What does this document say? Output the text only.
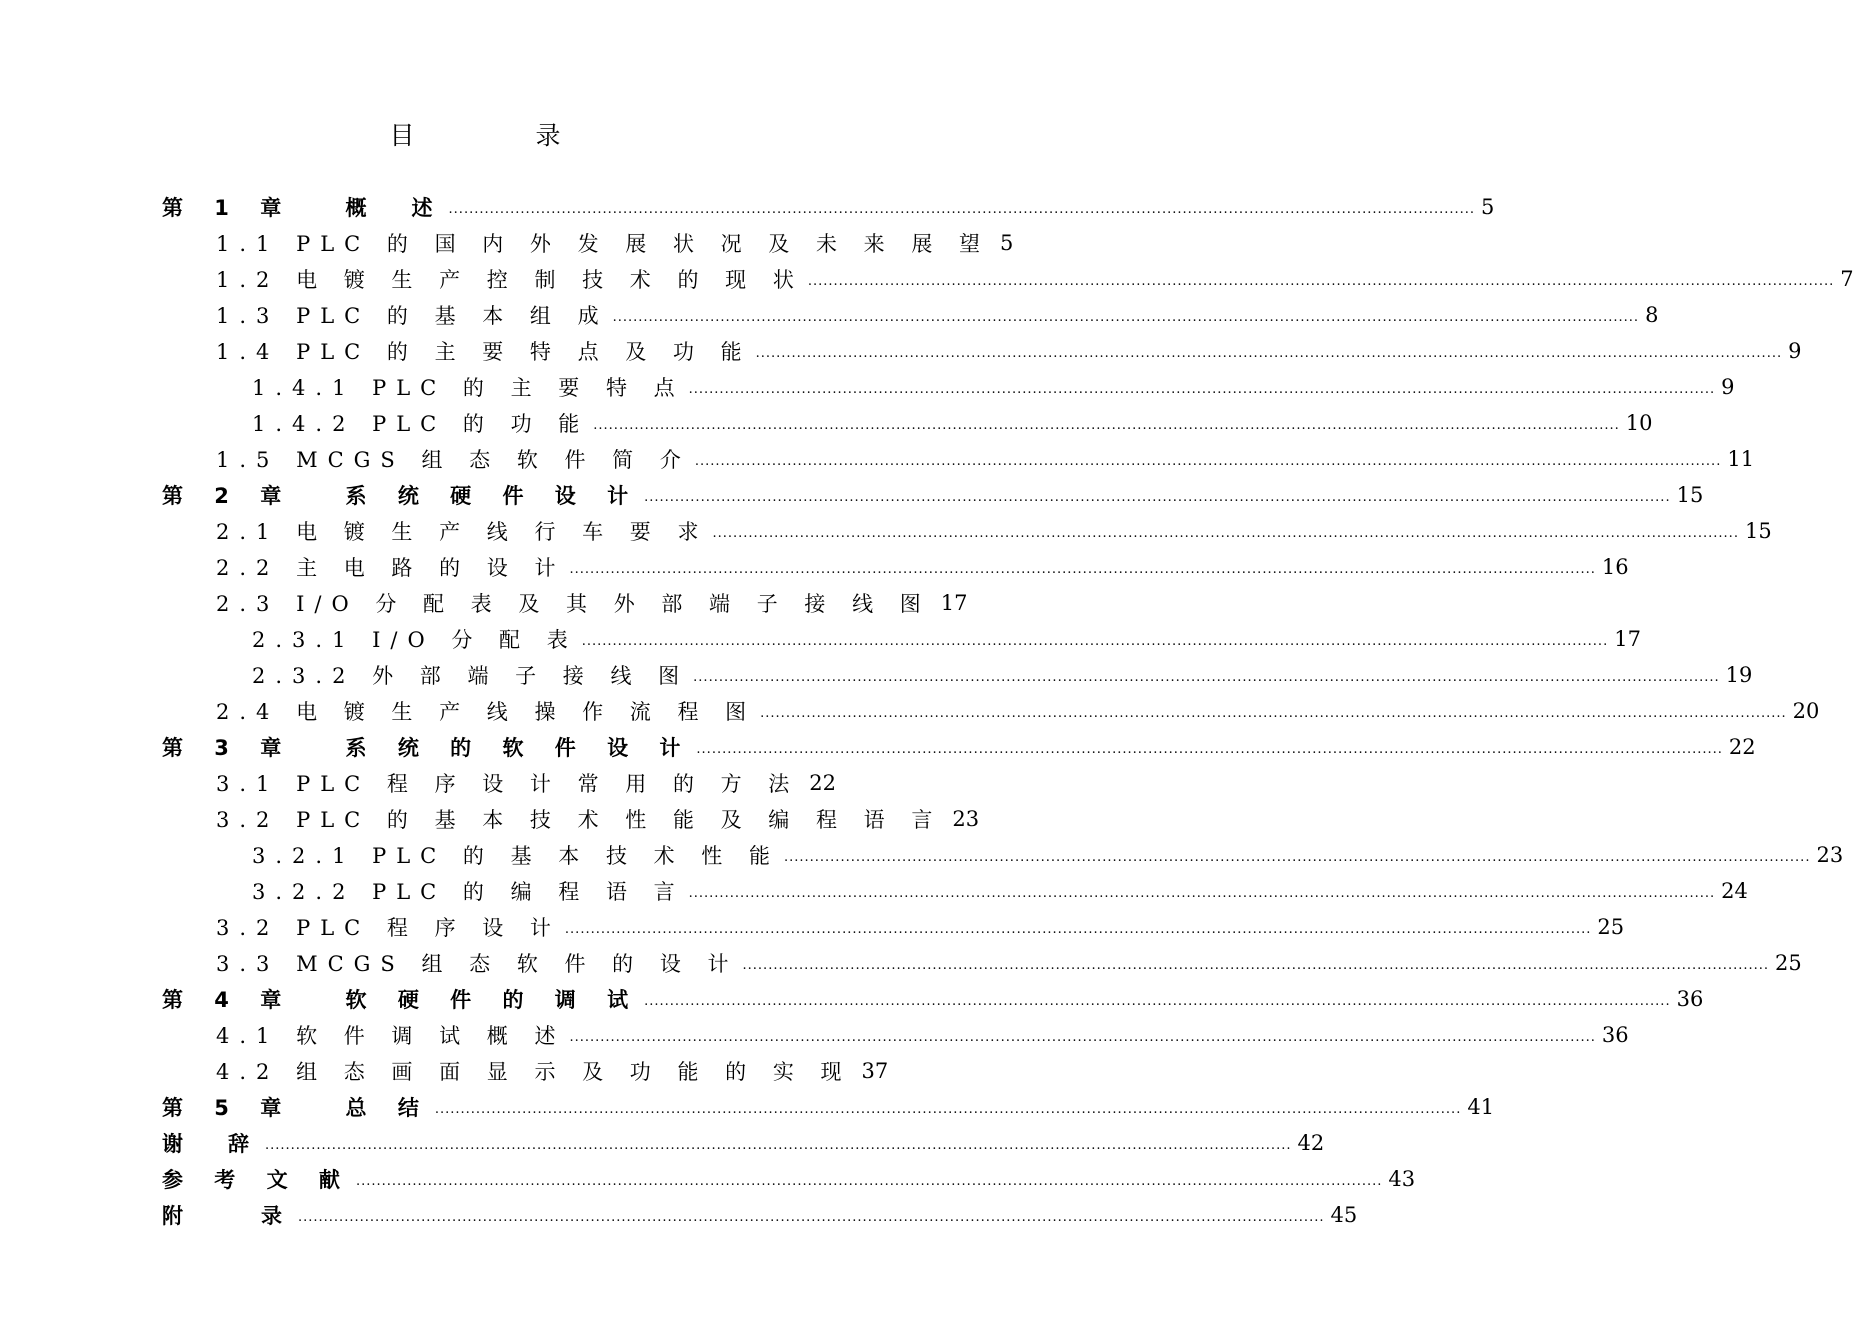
目　录
第 1 章　 概　述 ........................................................................................................................................................................................................ 5
1.1 PLC 的 国 内 外 发 展 状 况 及 未 来 展 望 5
1.2 电 镀 生 产 控 制 技 术 的 现 状 ........................................................................................................................................................................................................ 7
1.3 PLC 的 基 本 组 成 ........................................................................................................................................................................................................ 8
1.4 PLC 的 主 要 特 点 及 功 能 ........................................................................................................................................................................................................ 9
1.4.1 PLC 的 主 要 特 点 ........................................................................................................................................................................................................ 9
1.4.2 PLC 的 功 能 ........................................................................................................................................................................................................ 10
1.5 MCGS 组 态 软 件 简 介 ........................................................................................................................................................................................................ 11
第 2 章　 系 统 硬 件 设 计 ........................................................................................................................................................................................................ 15
2.1 电 镀 生 产 线 行 车 要 求 ........................................................................................................................................................................................................ 15
2.2 主 电 路 的 设 计 ........................................................................................................................................................................................................ 16
2.3 I/O 分 配 表 及 其 外 部 端 子 接 线 图 17
2.3.1 I/O 分 配 表 ........................................................................................................................................................................................................ 17
2.3.2 外 部 端 子 接 线 图 ........................................................................................................................................................................................................ 19
2.4 电 镀 生 产 线 操 作 流 程 图 ........................................................................................................................................................................................................ 20
第 3 章　 系 统 的 软 件 设 计 ........................................................................................................................................................................................................ 22
3.1 PLC 程 序 设 计 常 用 的 方 法 22
3.2 PLC 的 基 本 技 术 性 能 及 编 程 语 言 23
3.2.1 PLC 的 基 本 技 术 性 能 ........................................................................................................................................................................................................ 23
3.2.2 PLC 的 编 程 语 言 ........................................................................................................................................................................................................ 24
3.2 PLC 程 序 设 计 ........................................................................................................................................................................................................ 25
3.3 MCGS 组 态 软 件 的 设 计 ........................................................................................................................................................................................................ 25
第 4 章　 软 硬 件 的 调 试 ........................................................................................................................................................................................................ 36
4.1 软 件 调 试 概 述 ........................................................................................................................................................................................................ 36
4.2 组 态 画 面 显 示 及 功 能 的 实 现 37
第 5 章　 总 结 ........................................................................................................................................................................................................ 41
谢　辞 ........................................................................................................................................................................................................ 42
参 考 文 献 ........................................................................................................................................................................................................ 43
附　　录 ........................................................................................................................................................................................................ 45
